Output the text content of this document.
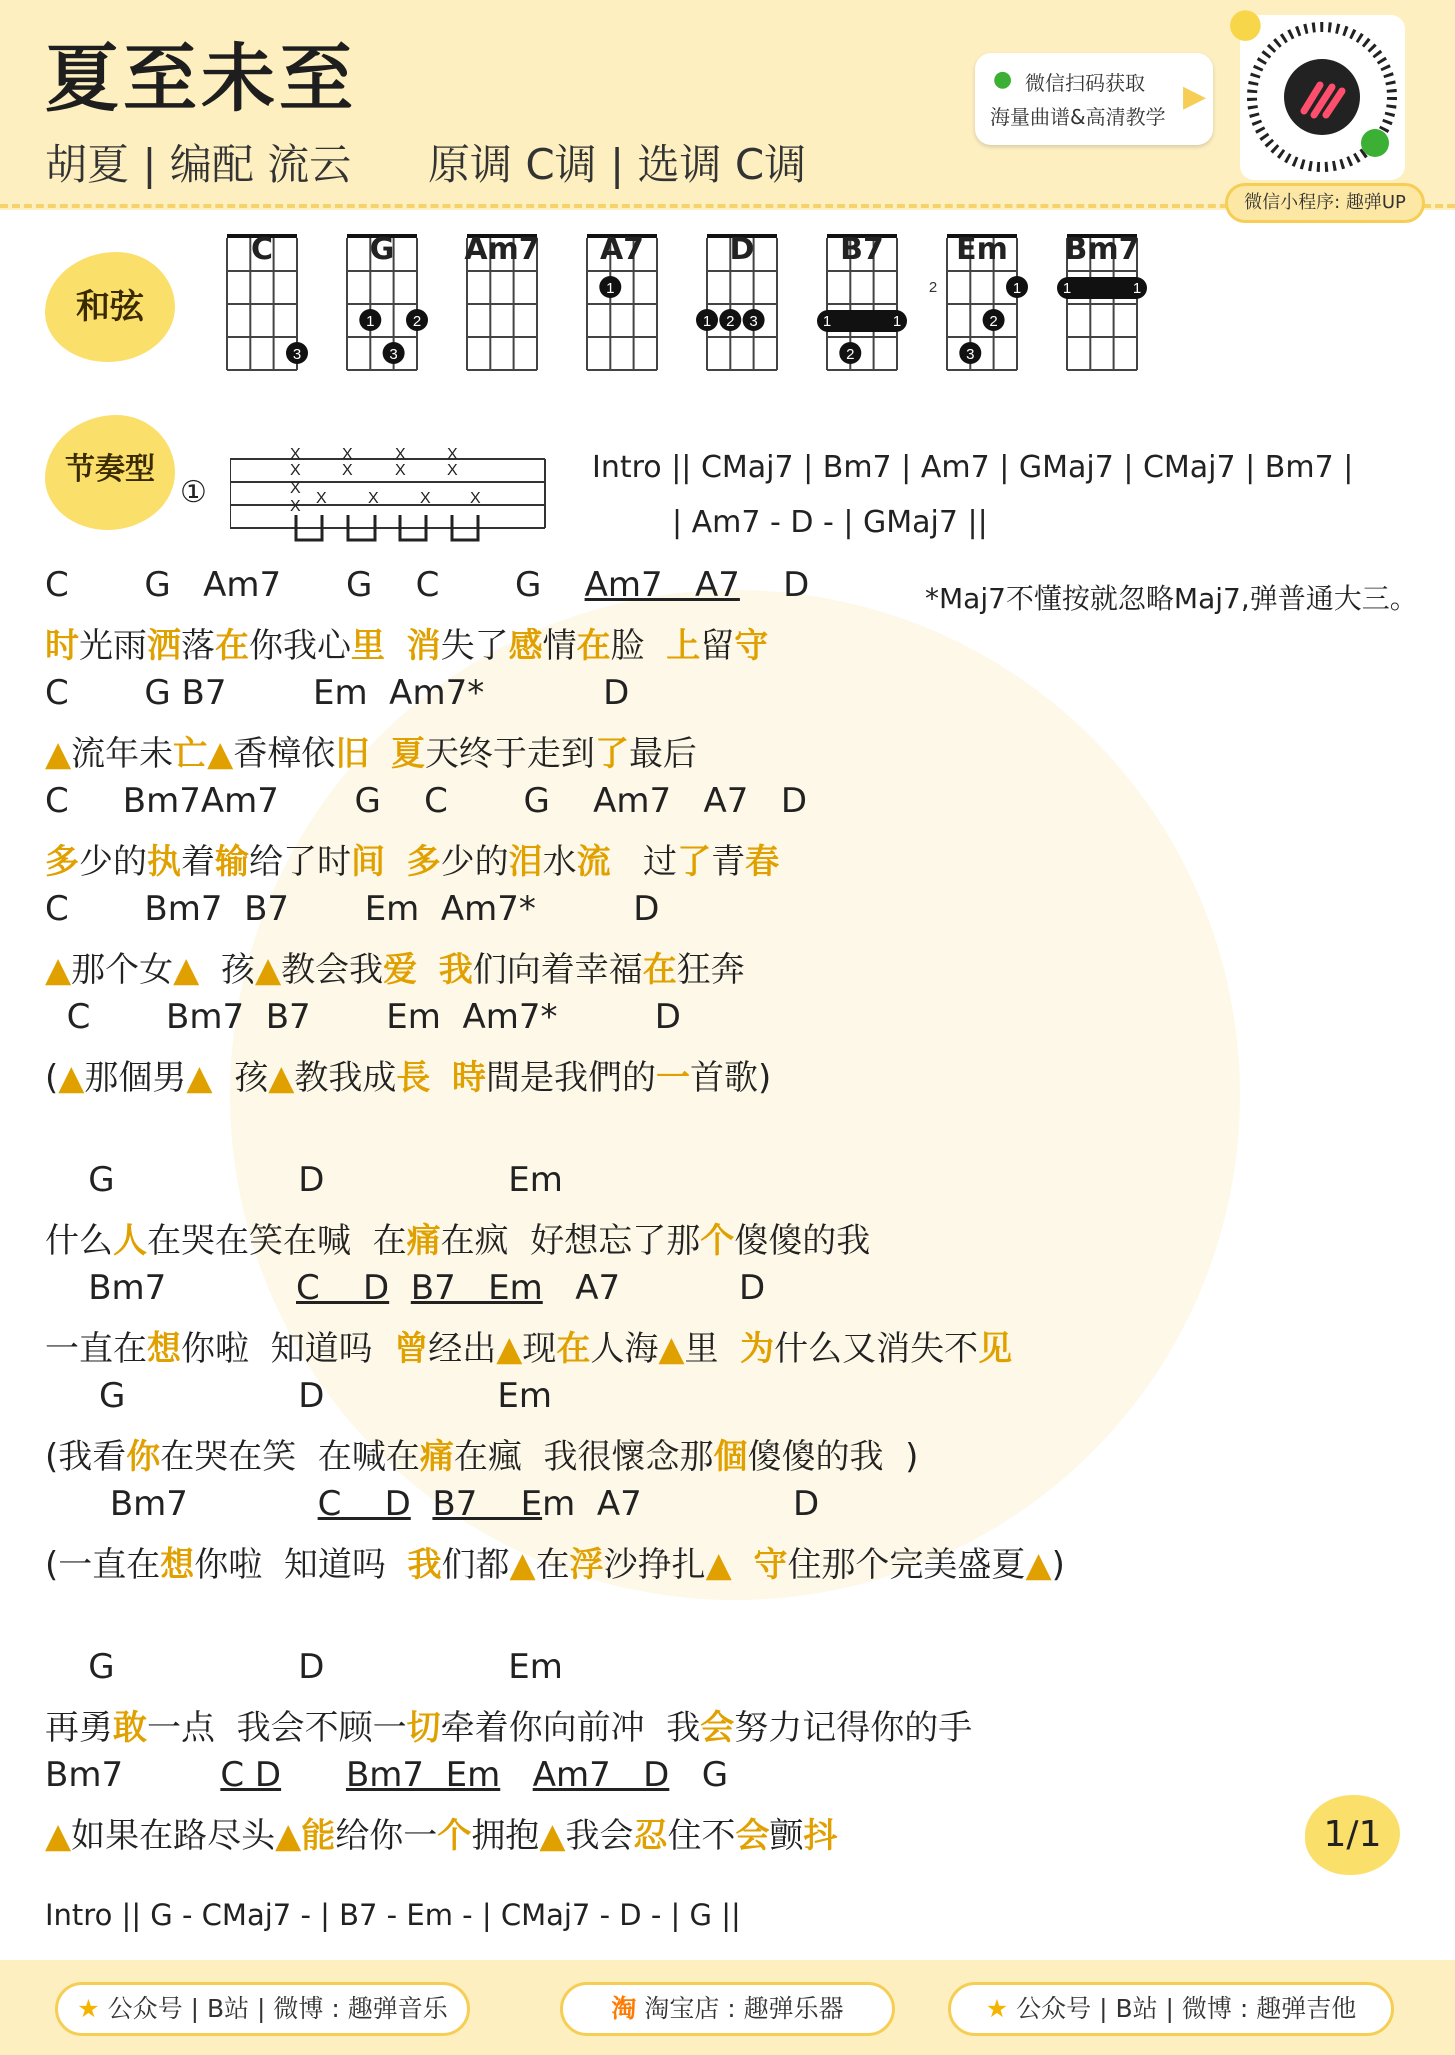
夏至未至
胡夏 | 编配 流云 原调 C调 | 选调 C调
● 微信扫码获取
海量曲谱&高清教学
▶
●
微信小程序: 趣弹UP
和弦
3
1	2
3
1
1 2 3	1	1
2
2	1
2
3
1	1
C	G	Am7	A7	D	B7	Em	Bm7
节奏型
①
X
X
X
X
X
X
X
X
X
X
X	X	X X
Intro || CMaj7 | Bm7 | Am7 | GMaj7 | CMaj7 | Bm7 |
| Am7 - D - | GMaj7 ||
*Maj7不懂按就忽略Maj7,弹普通大三。
C       G   Am7      G    C       G    Am7   A7    D
时光雨洒落在你我心里 消失了感情在脸  上留守
C       G B7        Em  Am7*           D
▲流年未亡▲香樟依旧 夏天终于走到了最后
C     Bm7Am7       G    C       G    Am7   A7   D
多少的执着输给了时间 多少的泪水流   过了青春
C       Bm7  B7       Em  Am7*         D
▲那个女▲  孩▲教会我爱 我们向着幸福在狂奔
C       Bm7  B7       Em  Am7*         D
(▲那個男▲  孩▲教我成長 時間是我們的一首歌)
G                 D                 Em
什么人在哭在笑在喊  在痛在疯  好想忘了那个傻傻的我
Bm7            C    D B7   Em   A7           D
一直在想你啦  知道吗  曾经出▲现在人海▲里  为什么又消失不见
G                D                Em
(我看你在哭在笑  在喊在痛在瘋  我很懷念那個傻傻的我  )
Bm7            C    D B7    Em  A7              D
(一直在想你啦  知道吗  我们都▲在浮沙挣扎▲ 守住那个完美盛夏▲)
G                 D                 Em
再勇敢一点  我会不顾一切牵着你向前冲  我会努力记得你的手
Bm7         C D Bm7  Em Am7   D   G
▲如果在路尽头▲能给你一个拥抱▲我会忍住不会颤抖	1/1
Intro || G - CMaj7 - | B7 - Em - | CMaj7 - D - | G ||
★ 公众号 | B站 | 微博 : 趣弹音乐	淘 淘宝店 : 趣弹乐器	★ 公众号 | B站 | 微博 : 趣弹吉他
